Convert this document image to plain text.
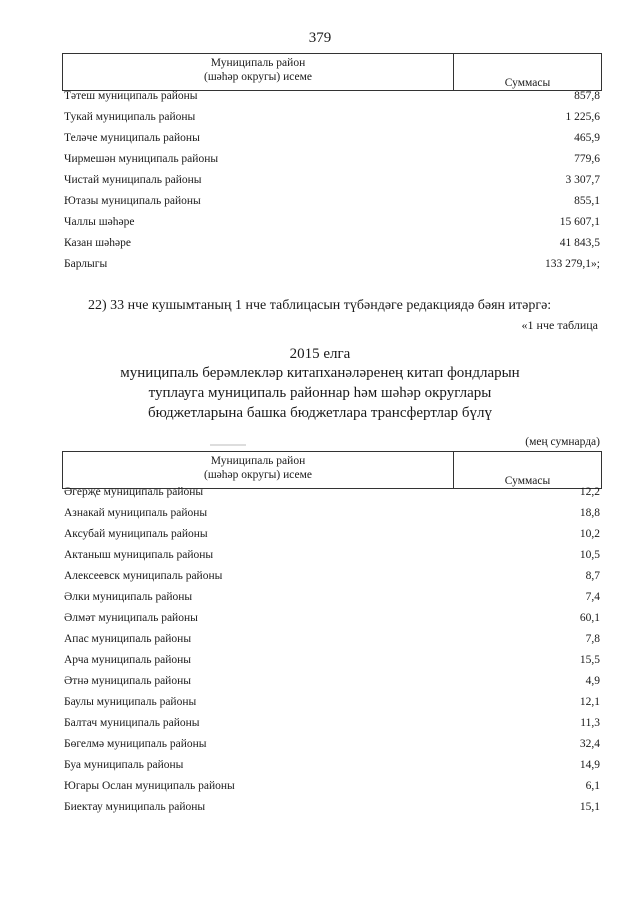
379
Муниципаль район
(шәһәр округы) исеме	Суммасы
Тәтеш муниципаль районы	857,8
Тукай муниципаль районы	1 225,6
Теләче муниципаль районы	465,9
Чирмешән муниципаль районы	779,6
Чистай муниципаль районы	3 307,7
Ютазы муниципаль районы	855,1
Чаллы шәһәре	15 607,1
Казан шәһәре	41 843,5
Барлыгы	133 279,1»;
22) 33 нче кушымтаның 1 нче таблицасын түбәндәге редакциядә бәян итәргә:
«1 нче таблица
2015 елга
муниципаль берәмлекләр китапханәләренең китап фондларын
туплауга муниципаль районнар һәм шәһәр округлары
бюджетларына башка бюджетлара трансфертлар бүлү
(мең сумнарда)
Муниципаль район
(шәһәр округы) исеме	Суммасы
Әгерҗе муниципаль районы	12,2
Азнакай муниципаль районы	18,8
Аксубай муниципаль районы	10,2
Актаныш муниципаль районы	10,5
Алексеевск муниципаль районы	8,7
Әлки муниципаль районы	7,4
Әлмәт муниципаль районы	60,1
Апас муниципаль районы	7,8
Арча муниципаль районы	15,5
Әтнә муниципаль районы	4,9
Баулы муниципаль районы	12,1
Балтач муниципаль районы	11,3
Бөгелмә муниципаль районы	32,4
Буа муниципаль районы	14,9
Югары Ослан муниципаль районы	6,1
Биектау муниципаль районы	15,1
